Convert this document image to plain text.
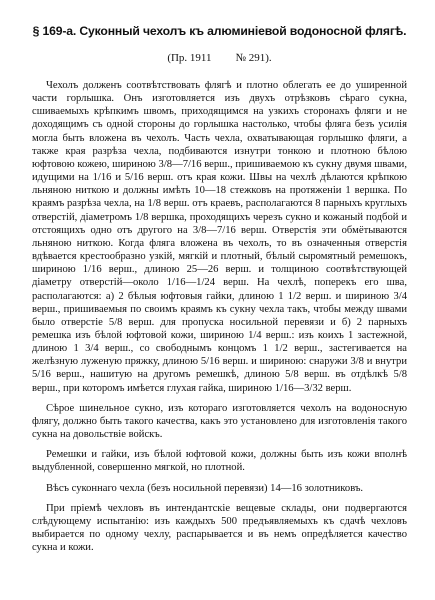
§ 169-a. Суконный чехолъ къ алюминiевой водоносной флягѣ.
(Пр. 1911 № 291).

Чехолъ долженъ соотвѣтствовать флягѣ и плотно облегать ее до уширенной части горлышка. Онъ изготовляется изъ двухъ отрѣзковъ сѣраго сукна, сшиваемыхъ крѣпкимъ швомъ, приходящимся на узкихъ сторонахъ фляги и не доходящимъ съ одной стороны до горлышка настолько, чтобы фляга безъ усилiя могла быть вложена въ чехолъ. Часть чехла, охватывающая горлышко фляги, а также края разрѣза чехла, подбиваются изнутри тонкою и плотною бѣлою юфтовою кожею, шириною 3/8—7/16 верш., пришиваемою къ сукну двумя швами, идущими на 1/16 и 5/16 верш. отъ края кожи. Швы на чехлѣ дѣлаются крѣпкою льняною ниткою и должны имѣть 10—18 стежковъ на протяженiи 1 вершка. По краямъ разрѣза чехла, на 1/8 верш. отъ краевъ, располагаются 8 парныхъ круглыхъ отверстiй, дiаметромъ 1/8 вершка, проходящихъ черезъ сукно и кожаный подбой и отстоящихъ одно отъ другого на 3/8—7/16 верш. Отверстiя эти обмётываются льняною ниткою. Когда фляга вложена въ чехолъ, то въ означенныя отверстiя вдѣвается крестообразно узкiй, мягкiй и плотный, бѣлый сыромятный ремешокъ, шириною 1/16 верш., длиною 25—26 верш. и толщиною соотвѣтствующей дiаметру отверстiй—около 1/16—1/24 верш. На чехлѣ, поперекъ его шва, располагаются: а) 2 бѣлыя юфтовыя гайки, длиною 1 1/2 верш. и шириною 3/4 верш., пришиваемыя по своимъ краямъ къ сукну чехла такъ, чтобы между швами было отверстiе 5/8 верш. для пропуска носильной перевязи и б) 2 парныхъ ремешка изъ бѣлой юфтовой кожи, шириною 1/4 верш.: изъ коихъ 1 застежной, длиною 1 3/4 верш., со свободнымъ концомъ 1 1/2 верш., застегивается на желѣзную луженую пряжку, длиною 5/16 верш. и шириною: снаружи 3/8 и внутри 5/16 верш., нашитую на другомъ ремешкѣ, длиною 5/8 верш. въ отдѣлкѣ 5/8 верш., при которомъ имѣется глухая гайка, шириною 1/16—3/32 верш.

Сѣрое шинельное сукно, изъ котораго изготовляется чехолъ на водоносную флягу, должно быть такого качества, какъ это установлено для изготовленiя такого сукна на довольствiе войскъ.

Ремешки и гайки, изъ бѣлой юфтовой кожи, должны быть изъ кожи вполнѣ выдубленной, совершенно мягкой, но плотной.

Вѣсъ суконнаго чехла (безъ носильной перевязи) 14—16 золотниковъ.

При прiемѣ чехловъ въ интендантскiе вещевые склады, они подвергаются слѣдующему испытанiю: изъ каждыхъ 500 предъявляемыхъ къ сдачѣ чехловъ выбирается по одному чехлу, распарывается и въ немъ опредѣляется качество сукна и кожи.
